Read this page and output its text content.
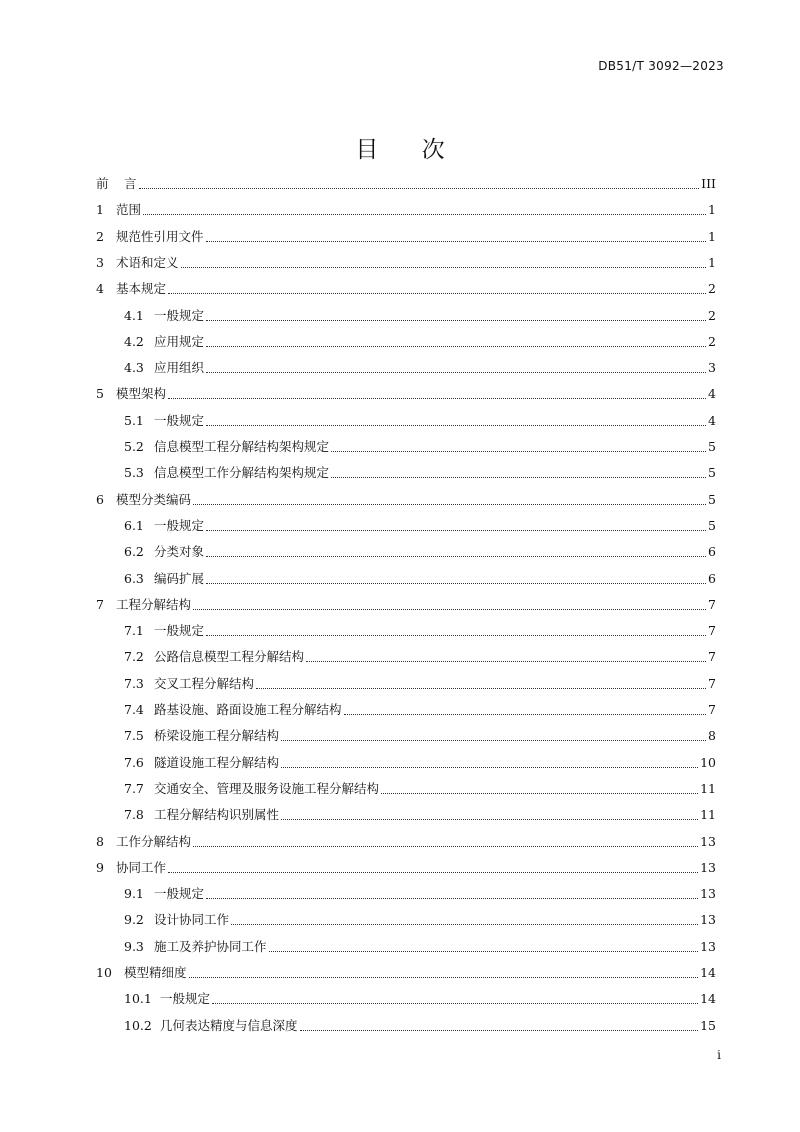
DB51/T 3092—2023
目 次
前	言	III
1 范围	1
2 规范性引用文件	1
3 术语和定义	1
4 基本规定	2
4.1 一般规定	2
4.2 应用规定	2
4.3 应用组织	3
5 模型架构	4
5.1 一般规定	4
5.2 信息模型工程分解结构架构规定	5
5.3 信息模型工作分解结构架构规定	5
6 模型分类编码	5
6.1 一般规定	5
6.2 分类对象	6
6.3 编码扩展	6
7 工程分解结构	7
7.1 一般规定	7
7.2 公路信息模型工程分解结构	7
7.3 交叉工程分解结构	7
7.4 路基设施、路面设施工程分解结构	7
7.5 桥梁设施工程分解结构	8
7.6 隧道设施工程分解结构	10
7.7 交通安全、管理及服务设施工程分解结构	11
7.8 工程分解结构识别属性	11
8 工作分解结构	13
9 协同工作	13
9.1 一般规定	13
9.2 设计协同工作	13
9.3 施工及养护协同工作	13
10 模型精细度	14
10.1 一般规定	14
10.2 几何表达精度与信息深度	15
i
